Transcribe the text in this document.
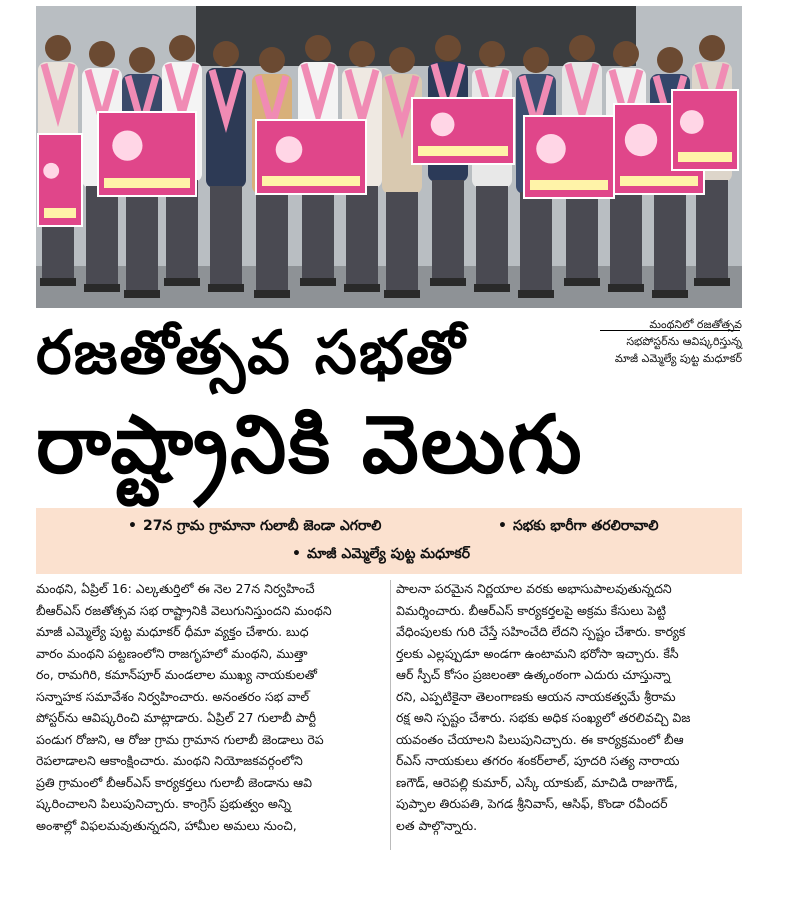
మంథనిలో రజతోత్సవ
సభపోస్టర్‌ను ఆవిష్కరిస్తున్న
మాజీ ఎమ్మెల్యే పుట్ట మధూకర్
రజతోత్సవ సభతో
రాష్ట్రానికి వెలుగు
• 27న గ్రామ గ్రామానా గులాబీ జెండా ఎగరాలి	• సభకు భారీగా తరలిరావాలి
• మాజీ ఎమ్మెల్యే పుట్ట మధూకర్
మంథని, ఏప్రిల్ 16: ఎల్కతుర్తిలో ఈ నెల 27న నిర్వహించే
బీఆర్ఎస్ రజతోత్సవ సభ రాష్ట్రానికి వెలుగునిస్తుందని మంథని
మాజీ ఎమ్మెల్యే పుట్ట మధూకర్ ధీమా వ్యక్తం చేశారు. బుధ
వారం మంథని పట్టణంలోని రాజగృహలో మంథని, ముత్తా
రం, రామగిరి, కమాన్‌పూర్ మండలాల ముఖ్య నాయకులతో
సన్నాహక సమావేశం నిర్వహించారు. అనంతరం సభ వాల్
పోస్టర్‌ను ఆవిష్కరించి మాట్లాడారు. ఏప్రిల్ 27 గులాబీ పార్టీ
పండుగ రోజుని, ఆ రోజు గ్రామ గ్రామాన గులాబీ జెండాలు రెప
రెపలాడాలని ఆకాంక్షించారు. మంథని నియోజకవర్గంలోని
ప్రతి గ్రామంలో బీఆర్ఎస్ కార్యకర్తలు గులాబీ జెండాను ఆవి
ష్కరించాలని పిలుపునిచ్చారు. కాంగ్రెస్ ప్రభుత్వం అన్ని
అంశాల్లో విఫలమవుతున్నదని, హామీల అమలు నుంచి,
పాలనా పరమైన నిర్ణయాల వరకు అభాసుపాలవుతున్నదని
విమర్శించారు. బీఆర్ఎస్ కార్యకర్తలపై అక్రమ కేసులు పెట్టి
వేధింపులకు గురి చేస్తే సహించేది లేదని స్పష్టం చేశారు. కార్యక
ర్తలకు ఎల్లప్పుడూ అండగా ఉంటామని భరోసా ఇచ్చారు. కేసీ
ఆర్ స్పీచ్ కోసం ప్రజలంతా ఉత్కంఠంగా ఎదురు చూస్తున్నా
రని, ఎప్పటికైనా తెలంగాణకు ఆయన నాయకత్వమే శ్రీరామ
రక్ష అని స్పష్టం చేశారు. సభకు అధిక సంఖ్యలో తరలివచ్చి విజ
యవంతం చేయాలని పిలుపునిచ్చారు. ఈ కార్యక్రమంలో బీఆ
ర్ఎస్ నాయకులు తగరం శంకర్‌లాల్, పూదరి సత్య నారాయ
ణగౌడ్, ఆరెపల్లి కుమార్, ఎస్కే యాకుబ్, మాచిడి రాజుగౌడ్,
పుప్పాల తిరుపతి, పెగడ శ్రీనివాస్, ఆసిఫ్, కొండా రవీందర్
లత పాల్గొన్నారు.
